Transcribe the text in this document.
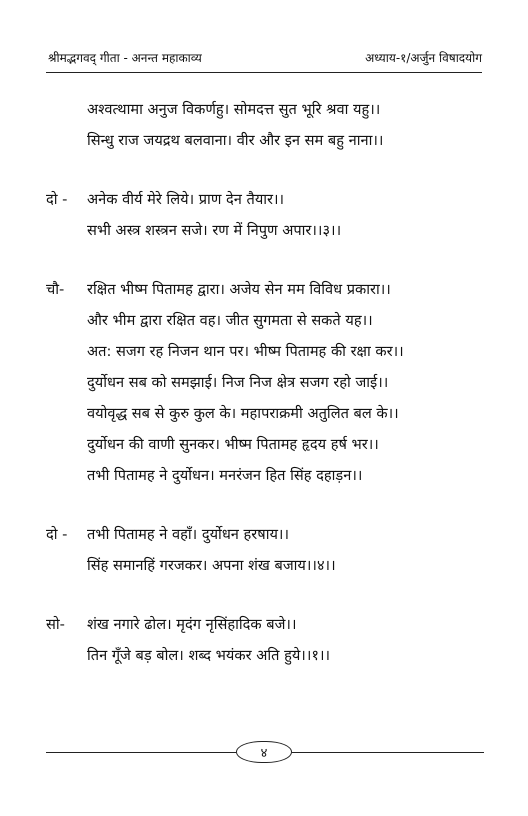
श्रीमद्भगवद् गीता - अनन्त महाकाव्य	अध्याय-१/अर्जुन विषादयोग
अश्वत्थामा अनुज विकर्णहु। सोमदत्त सुत भूरि श्रवा यहु।।
सिन्धु राज जयद्रथ बलवाना। वीर और इन सम बहु नाना।।
दो -	अनेक वीर्य मेरे लिये। प्राण देन तैयार।।
सभी अस्त्र शस्त्रन सजे। रण में निपुण अपार।।३।।
चौ-	रक्षित भीष्म पितामह द्वारा। अजेय सेन मम विविध प्रकारा।।
और भीम द्वारा रक्षित वह। जीत सुगमता से सकते यह।।
अत: सजग रह निजन थान पर। भीष्म पितामह की रक्षा कर।।
दुर्योधन सब को समझाई। निज निज क्षेत्र सजग रहो जाई।।
वयोवृद्ध सब से कुरु कुल के। महापराक्रमी अतुलित बल के।।
दुर्योधन की वाणी सुनकर। भीष्म पितामह हृदय हर्ष भर।।
तभी पितामह ने दुर्योधन। मनरंजन हित सिंह दहाड़न।।
दो -	तभी पितामह ने वहाँ। दुर्योधन हरषाय।।
सिंह समानहिं गरजकर। अपना शंख बजाय।।४।।
सो-	शंख नगारे ढोल। मृदंग नृसिंहादिक बजे।।
तिन गूँजे बड़ बोल। शब्द भयंकर अति हुये।।१।।
४
